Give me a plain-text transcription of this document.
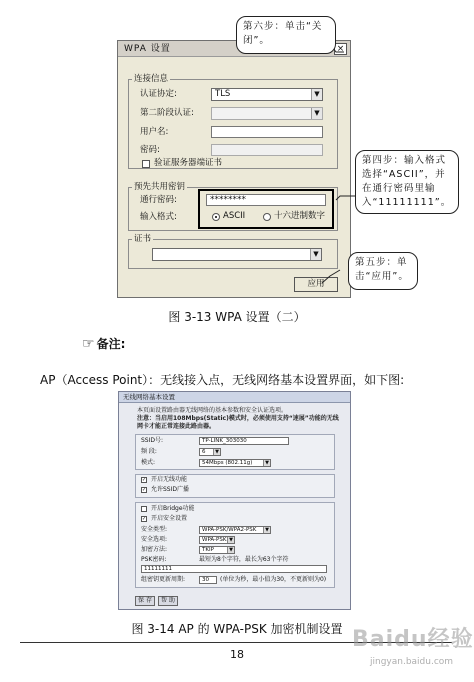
WPA 设置	×
连接信息
认证协定:	TLS	▼
第二阶段认证:	▼
用户名:
密码:
验证服务器端证书
预先共用密钥
通行密码:	********
输入格式:	ASCII	十六进制数字
证书
▼
应用
第六步：单击“关闭”。
第四步：输入格式选择“ASCII”，并在通行密码里输入“11111111”。
第五步：单击“应用”。
图 3-13 WPA 设置（二）
☞ 备注:
AP（Access Point）：无线接入点，无线网络基本设置界面，如下图:
无线网络基本设置
本页面设置路由器无线网络的基本参数和安全认证选项。
注意：当启用108Mbps(Static)模式时，必须使用支持“速展”功能的无线网卡才能正常连接此路由器。
SSID号:	TP-LINK_303030
频 段:	6	▼
模式:	54Mbps (802.11g)	▼
✓ 开启无线功能
✓ 允许SSID广播
开启Bridge功能
✓ 开启安全设置
安全类型:	WPA-PSK/WPA2-PSK	▼
安全选项:	WPA-PSK ▼
加密方法:	TKIP	▼
PSK密码:	最短为8个字符，最长为63个字符
11111111
组密钥更新周期:	30	(单位为秒，最小值为30，不更新则为0)
保 存	帮 助
图 3-14 AP 的 WPA-PSK 加密机制设置
18
Baidu经验
jingyan.baidu.com
